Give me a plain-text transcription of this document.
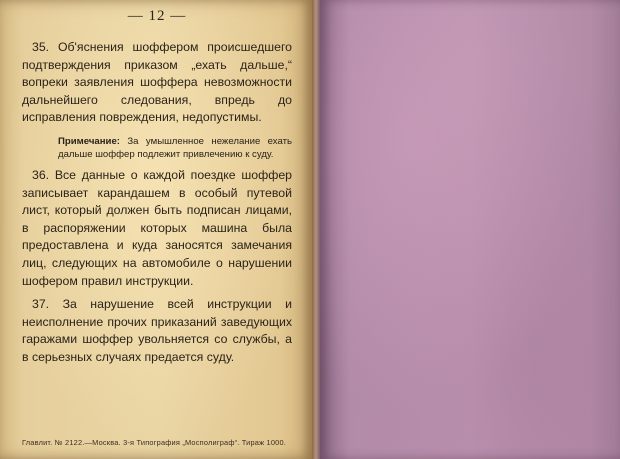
— 12 —

35. Об'яснения шоффером происшедшего подтверждения приказом „ехать дальше,“ вопреки заявления шоффера невозможности дальнейшего следования, впредь до исправления повреждения, недопустимы.

Примечание: За умышленное нежелание ехать дальше шоффер подлежит привлечению к суду.

36. Все данные о каждой поездке шоффер записывает карандашем в особый путевой лист, который должен быть подписан лицами, в распоряжении которых машина была предоставлена и куда заносятся замечания лиц, следующих на автомобиле о нарушении шофером правил инструкции.

37. За нарушение всей инструкции и неисполнение прочих приказаний заведующих гаражами шоффер увольняется со службы, а в серьезных случаях предается суду.

Главлит. № 2122.—Москва. 3-я Типография „Мосполиграф“. Тираж 1000.
